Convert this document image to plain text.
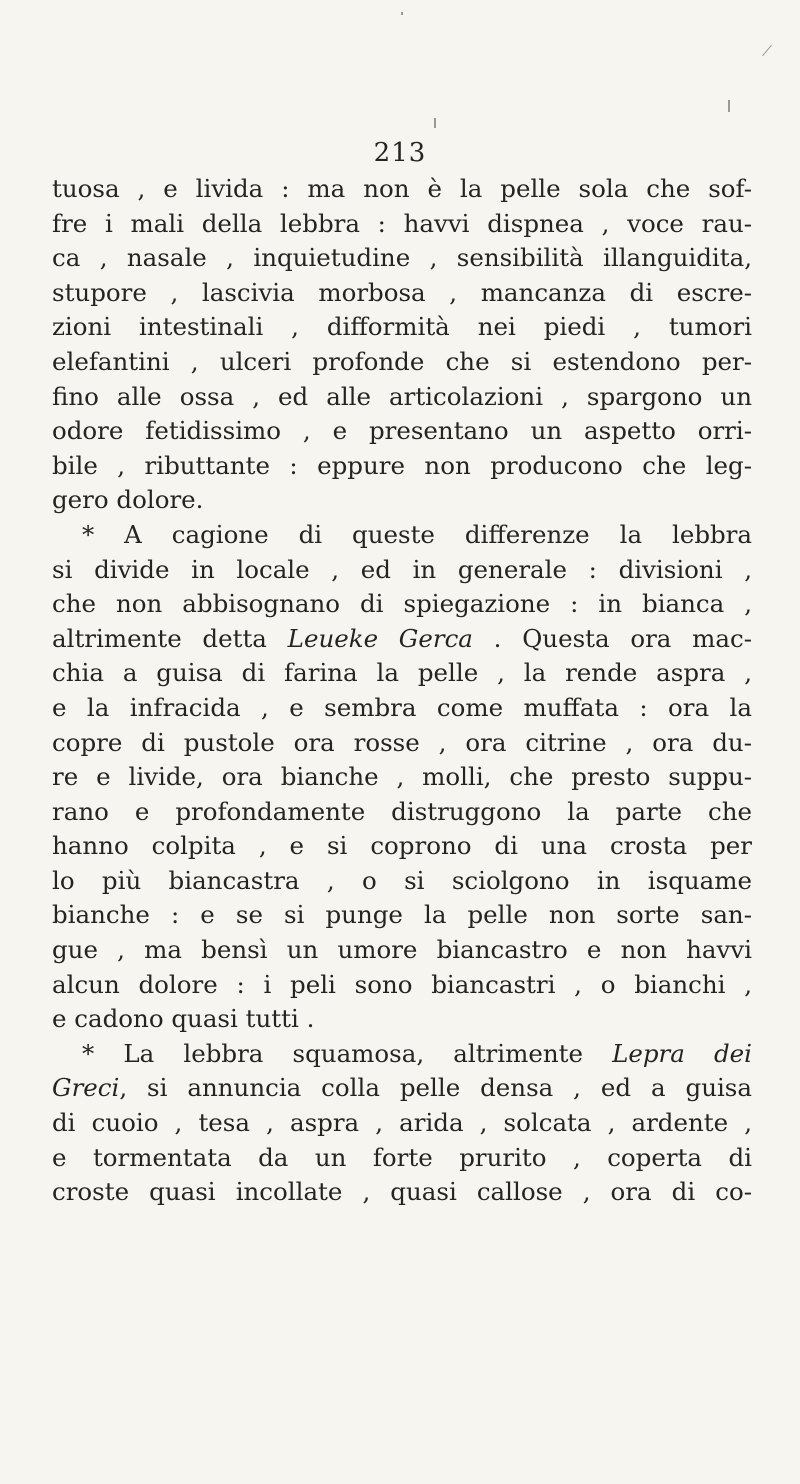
213
tuosa , e livida : ma non è la pelle sola che sof-
fre i mali della lebbra : havvi dispnea , voce rau-
ca , nasale , inquietudine , sensibilità illanguidita,
stupore , lascivia morbosa , mancanza di escre-
zioni intestinali , difformità nei piedi , tumori
elefantini , ulceri profonde che si estendono per-
fino alle ossa , ed alle articolazioni , spargono un
odore fetidissimo , e presentano un aspetto orri-
bile , ributtante : eppure non producono che leg-
gero dolore.
* A cagione di queste differenze la lebbra
si divide in locale , ed in generale : divisioni ,
che non abbisognano di spiegazione : in bianca ,
altrimente detta Leueke Gerca . Questa ora mac-
chia a guisa di farina la pelle , la rende aspra ,
e la infracida , e sembra come muffata : ora la
copre di pustole ora rosse , ora citrine , ora du-
re e livide, ora bianche , molli, che presto suppu-
rano e profondamente distruggono la parte che
hanno colpita , e si coprono di una crosta per
lo più biancastra , o si sciolgono in isquame
bianche : e se si punge la pelle non sorte san-
gue , ma bensì un umore biancastro e non havvi
alcun dolore : i peli sono biancastri , o bianchi ,
e cadono quasi tutti .
* La lebbra squamosa, altrimente Lepra dei
Greci, si annuncia colla pelle densa , ed a guisa
di cuoio , tesa , aspra , arida , solcata , ardente ,
e tormentata da un forte prurito , coperta di
croste quasi incollate , quasi callose , ora di co-
